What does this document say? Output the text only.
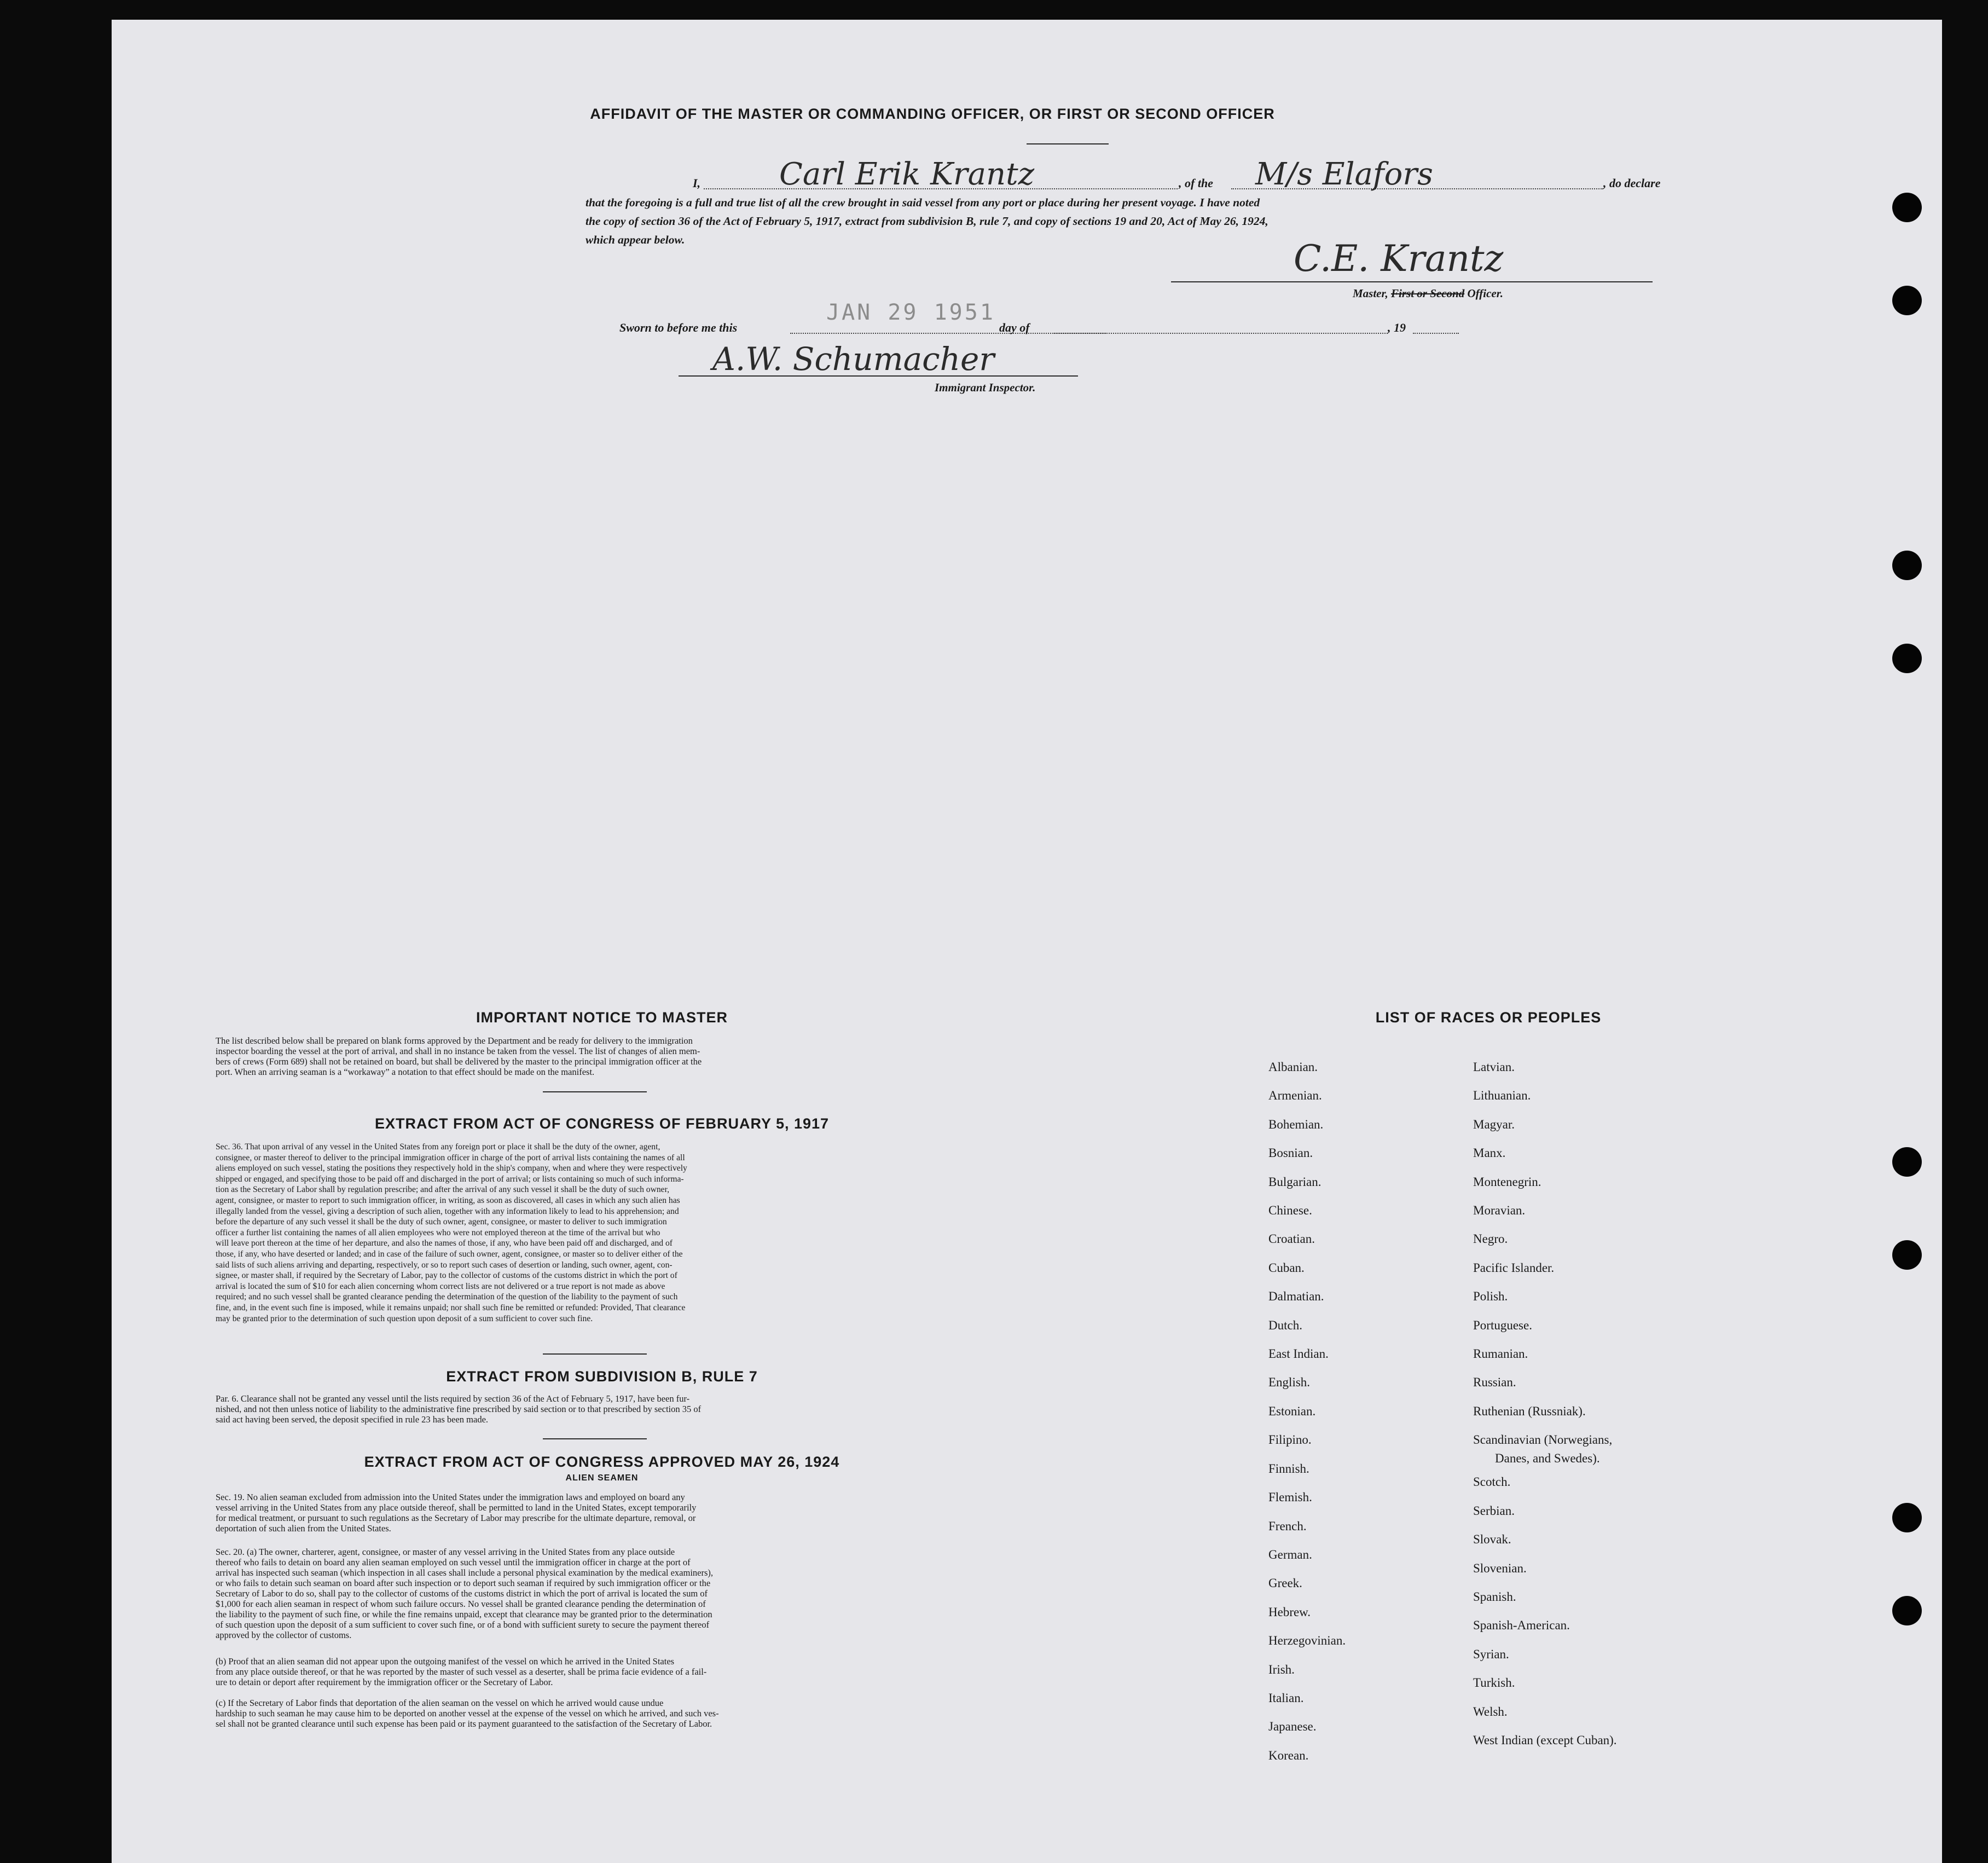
AFFIDAVIT OF THE MASTER OR COMMANDING OFFICER, OR FIRST OR SECOND OFFICER
I,	Carl Erik Krantz	, of the M/s Elafors	, do declare
that the foregoing is a full and true list of all the crew brought in said vessel from any port or place during her present voyage. I have noted
the copy of section 36 of the Act of February 5, 1917, extract from subdivision B, rule 7, and copy of sections 19 and 20, Act of May 26, 1924,
which appear below.	C.E. Krantz
Master, First or Second Officer.
Sworn to before me this
JAN 29 1951
day of	, 19
A.W. Schumacher
Immigrant Inspector.
IMPORTANT NOTICE TO MASTER
The list described below shall be prepared on blank forms approved by the Department and be ready for delivery to the immigration
inspector boarding the vessel at the port of arrival, and shall in no instance be taken from the vessel. The list of changes of alien mem-
bers of crews (Form 689) shall not be retained on board, but shall be delivered by the master to the principal immigration officer at the
port. When an arriving seaman is a “workaway” a notation to that effect should be made on the manifest.
EXTRACT FROM ACT OF CONGRESS OF FEBRUARY 5, 1917
Sec. 36. That upon arrival of any vessel in the United States from any foreign port or place it shall be the duty of the owner, agent,
consignee, or master thereof to deliver to the principal immigration officer in charge of the port of arrival lists containing the names of all
aliens employed on such vessel, stating the positions they respectively hold in the ship's company, when and where they were respectively
shipped or engaged, and specifying those to be paid off and discharged in the port of arrival; or lists containing so much of such informa-
tion as the Secretary of Labor shall by regulation prescribe; and after the arrival of any such vessel it shall be the duty of such owner,
agent, consignee, or master to report to such immigration officer, in writing, as soon as discovered, all cases in which any such alien has
illegally landed from the vessel, giving a description of such alien, together with any information likely to lead to his apprehension; and
before the departure of any such vessel it shall be the duty of such owner, agent, consignee, or master to deliver to such immigration
officer a further list containing the names of all alien employees who were not employed thereon at the time of the arrival but who
will leave port thereon at the time of her departure, and also the names of those, if any, who have been paid off and discharged, and of
those, if any, who have deserted or landed; and in case of the failure of such owner, agent, consignee, or master so to deliver either of the
said lists of such aliens arriving and departing, respectively, or so to report such cases of desertion or landing, such owner, agent, con-
signee, or master shall, if required by the Secretary of Labor, pay to the collector of customs of the customs district in which the port of
arrival is located the sum of $10 for each alien concerning whom correct lists are not delivered or a true report is not made as above
required; and no such vessel shall be granted clearance pending the determination of the question of the liability to the payment of such
fine, and, in the event such fine is imposed, while it remains unpaid; nor shall such fine be remitted or refunded: Provided, That clearance
may be granted prior to the determination of such question upon deposit of a sum sufficient to cover such fine.
EXTRACT FROM SUBDIVISION B, RULE 7
Par. 6. Clearance shall not be granted any vessel until the lists required by section 36 of the Act of February 5, 1917, have been fur-
nished, and not then unless notice of liability to the administrative fine prescribed by said section or to that prescribed by section 35 of
said act having been served, the deposit specified in rule 23 has been made.
EXTRACT FROM ACT OF CONGRESS APPROVED MAY 26, 1924
ALIEN SEAMEN
Sec. 19. No alien seaman excluded from admission into the United States under the immigration laws and employed on board any
vessel arriving in the United States from any place outside thereof, shall be permitted to land in the United States, except temporarily
for medical treatment, or pursuant to such regulations as the Secretary of Labor may prescribe for the ultimate departure, removal, or
deportation of such alien from the United States.
Sec. 20. (a) The owner, charterer, agent, consignee, or master of any vessel arriving in the United States from any place outside
thereof who fails to detain on board any alien seaman employed on such vessel until the immigration officer in charge at the port of
arrival has inspected such seaman (which inspection in all cases shall include a personal physical examination by the medical examiners),
or who fails to detain such seaman on board after such inspection or to deport such seaman if required by such immigration officer or the
Secretary of Labor to do so, shall pay to the collector of customs of the customs district in which the port of arrival is located the sum of
$1,000 for each alien seaman in respect of whom such failure occurs. No vessel shall be granted clearance pending the determination of
the liability to the payment of such fine, or while the fine remains unpaid, except that clearance may be granted prior to the determination
of such question upon the deposit of a sum sufficient to cover such fine, or of a bond with sufficient surety to secure the payment thereof
approved by the collector of customs.
(b) Proof that an alien seaman did not appear upon the outgoing manifest of the vessel on which he arrived in the United States
from any place outside thereof, or that he was reported by the master of such vessel as a deserter, shall be prima facie evidence of a fail-
ure to detain or deport after requirement by the immigration officer or the Secretary of Labor.
(c) If the Secretary of Labor finds that deportation of the alien seaman on the vessel on which he arrived would cause undue
hardship to such seaman he may cause him to be deported on another vessel at the expense of the vessel on which he arrived, and such ves-
sel shall not be granted clearance until such expense has been paid or its payment guaranteed to the satisfaction of the Secretary of Labor.
LIST OF RACES OR PEOPLES
Albanian.
Armenian.
Bohemian.
Bosnian.
Bulgarian.
Chinese.
Croatian.
Cuban.
Dalmatian.
Dutch.
East Indian.
English.
Estonian.
Filipino.
Finnish.
Flemish.
French.
German.
Greek.
Hebrew.
Herzegovinian.
Irish.
Italian.
Japanese.
Korean.
Latvian.
Lithuanian.
Magyar.
Manx.
Montenegrin.
Moravian.
Negro.
Pacific Islander.
Polish.
Portuguese.
Rumanian.
Russian.
Ruthenian (Russniak).
Scandinavian (Norwegians,
Danes, and Swedes).
Scotch.
Serbian.
Slovak.
Slovenian.
Spanish.
Spanish-American.
Syrian.
Turkish.
Welsh.
West Indian (except Cuban).
